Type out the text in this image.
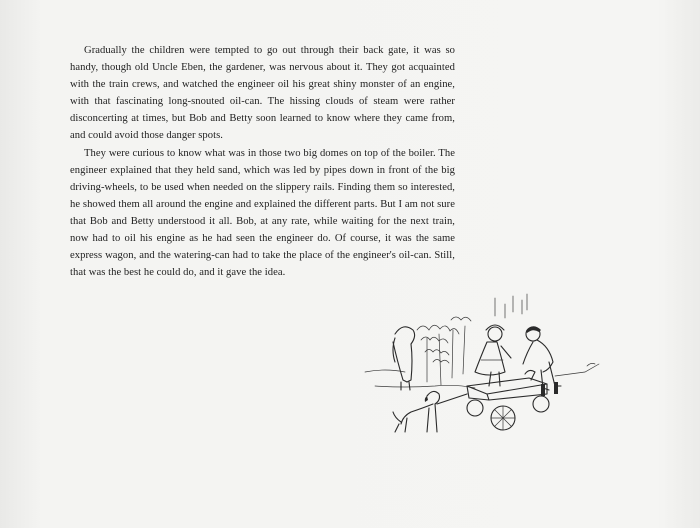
Gradually the children were tempted to go out through their back gate, it was so handy, though old Uncle Eben, the gardener, was nervous about it. They got acquainted with the train crews, and watched the engineer oil his great shiny monster of an engine, with that fascinating long-snouted oil-can. The hissing clouds of steam were rather disconcerting at times, but Bob and Betty soon learned to know where they came from, and could avoid those danger spots.

They were curious to know what was in those two big domes on top of the boiler. The engineer explained that they held sand, which was led by pipes down in front of the big driving-wheels, to be used when needed on the slippery rails. Finding them so interested, he showed them all around the engine and explained the different parts. But I am not sure that Bob and Betty understood it all. Bob, at any rate, while waiting for the next train, now had to oil his engine as he had seen the engineer do. Of course, it was the same express wagon, and the watering-can had to take the place of the engineer's oil-can. Still, that was the best he could do, and it gave the idea.
